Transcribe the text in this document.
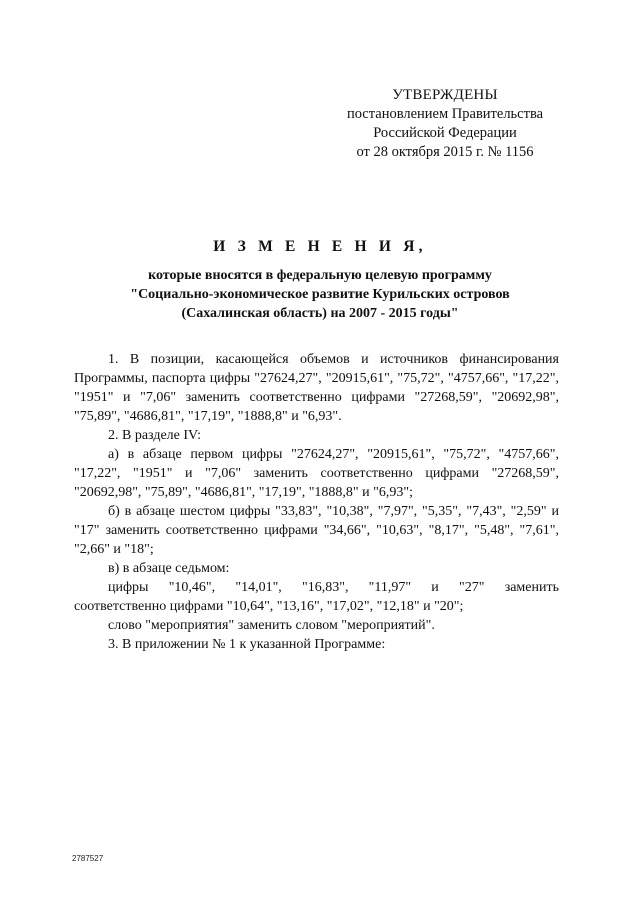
УТВЕРЖДЕНЫ
постановлением Правительства
Российской Федерации
от 28 октября 2015 г. № 1156
И З М Е Н Е Н И Я,
которые вносятся в федеральную целевую программу
"Социально-экономическое развитие Курильских островов
(Сахалинская область) на 2007 - 2015 годы"

1. В позиции, касающейся объемов и источников финансирования Программы, паспорта цифры "27624,27", "20915,61", "75,72", "4757,66", "17,22", "1951" и "7,06" заменить соответственно цифрами "27268,59", "20692,98", "75,89", "4686,81", "17,19", "1888,8" и "6,93".

2. В разделе IV:

а) в абзаце первом цифры "27624,27", "20915,61", "75,72", "4757,66", "17,22", "1951" и "7,06" заменить соответственно цифрами "27268,59", "20692,98", "75,89", "4686,81", "17,19", "1888,8" и "6,93";

б) в абзаце шестом цифры "33,83", "10,38", "7,97", "5,35", "7,43", "2,59" и "17" заменить соответственно цифрами "34,66", "10,63", "8,17", "5,48", "7,61", "2,66" и "18";

в) в абзаце седьмом:

цифры "10,46", "14,01", "16,83", "11,97" и "27" заменить

соответственно цифрами "10,64", "13,16", "17,02", "12,18" и "20";

слово "мероприятия" заменить словом "мероприятий".

3. В приложении № 1 к указанной Программе:

2787527
